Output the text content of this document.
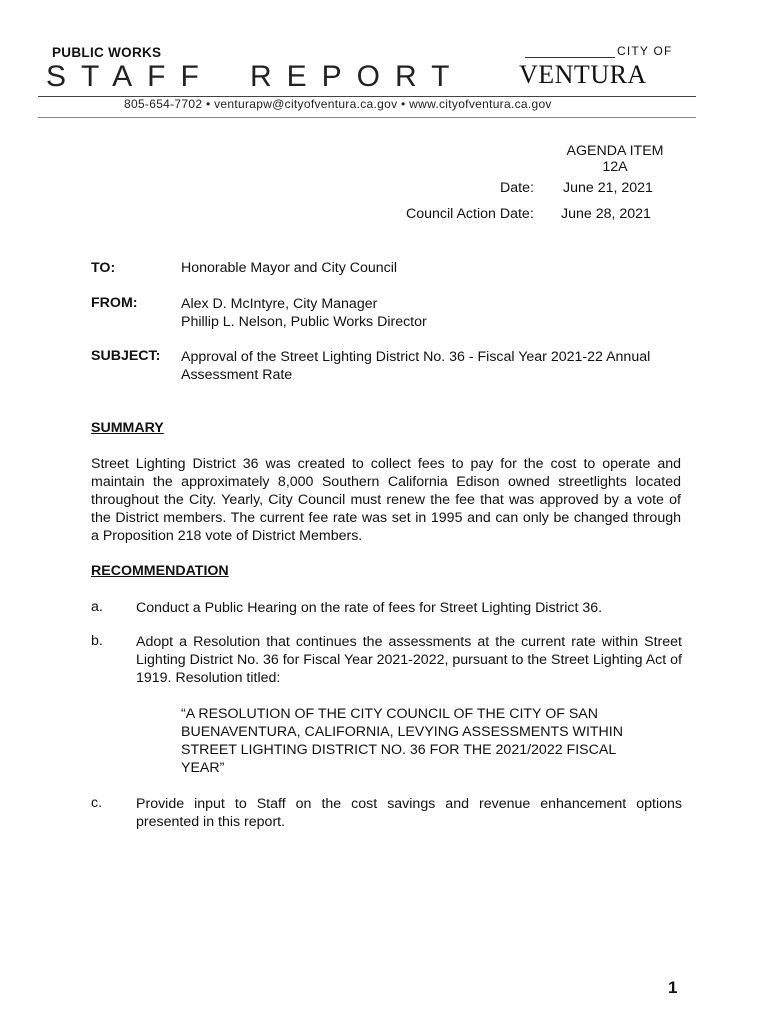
PUBLIC WORKS
STAFF REPORT
CITY OF
VENTURA
805-654-7702 • venturapw@cityofventura.ca.gov • www.cityofventura.ca.gov
AGENDA ITEM
12A
Date: June 21, 2021
Council Action Date: June 28, 2021
TO:	Honorable Mayor and City Council
FROM:	Alex D. McIntyre, City Manager
Phillip L. Nelson, Public Works Director
SUBJECT: Approval of the Street Lighting District No. 36 - Fiscal Year 2021-22 Annual Assessment Rate
SUMMARY
Street Lighting District 36 was created to collect fees to pay for the cost to operate and maintain the approximately 8,000 Southern California Edison owned streetlights located throughout the City. Yearly, City Council must renew the fee that was approved by a vote of the District members. The current fee rate was set in 1995 and can only be changed through a Proposition 218 vote of District Members.
RECOMMENDATION
a. Conduct a Public Hearing on the rate of fees for Street Lighting District 36.
b. Adopt a Resolution that continues the assessments at the current rate within Street Lighting District No. 36 for Fiscal Year 2021-2022, pursuant to the Street Lighting Act of 1919. Resolution titled:
“A RESOLUTION OF THE CITY COUNCIL OF THE CITY OF SAN BUENAVENTURA, CALIFORNIA, LEVYING ASSESSMENTS WITHIN STREET LIGHTING DISTRICT NO. 36 FOR THE 2021/2022 FISCAL YEAR”
c. Provide input to Staff on the cost savings and revenue enhancement options presented in this report.
1
